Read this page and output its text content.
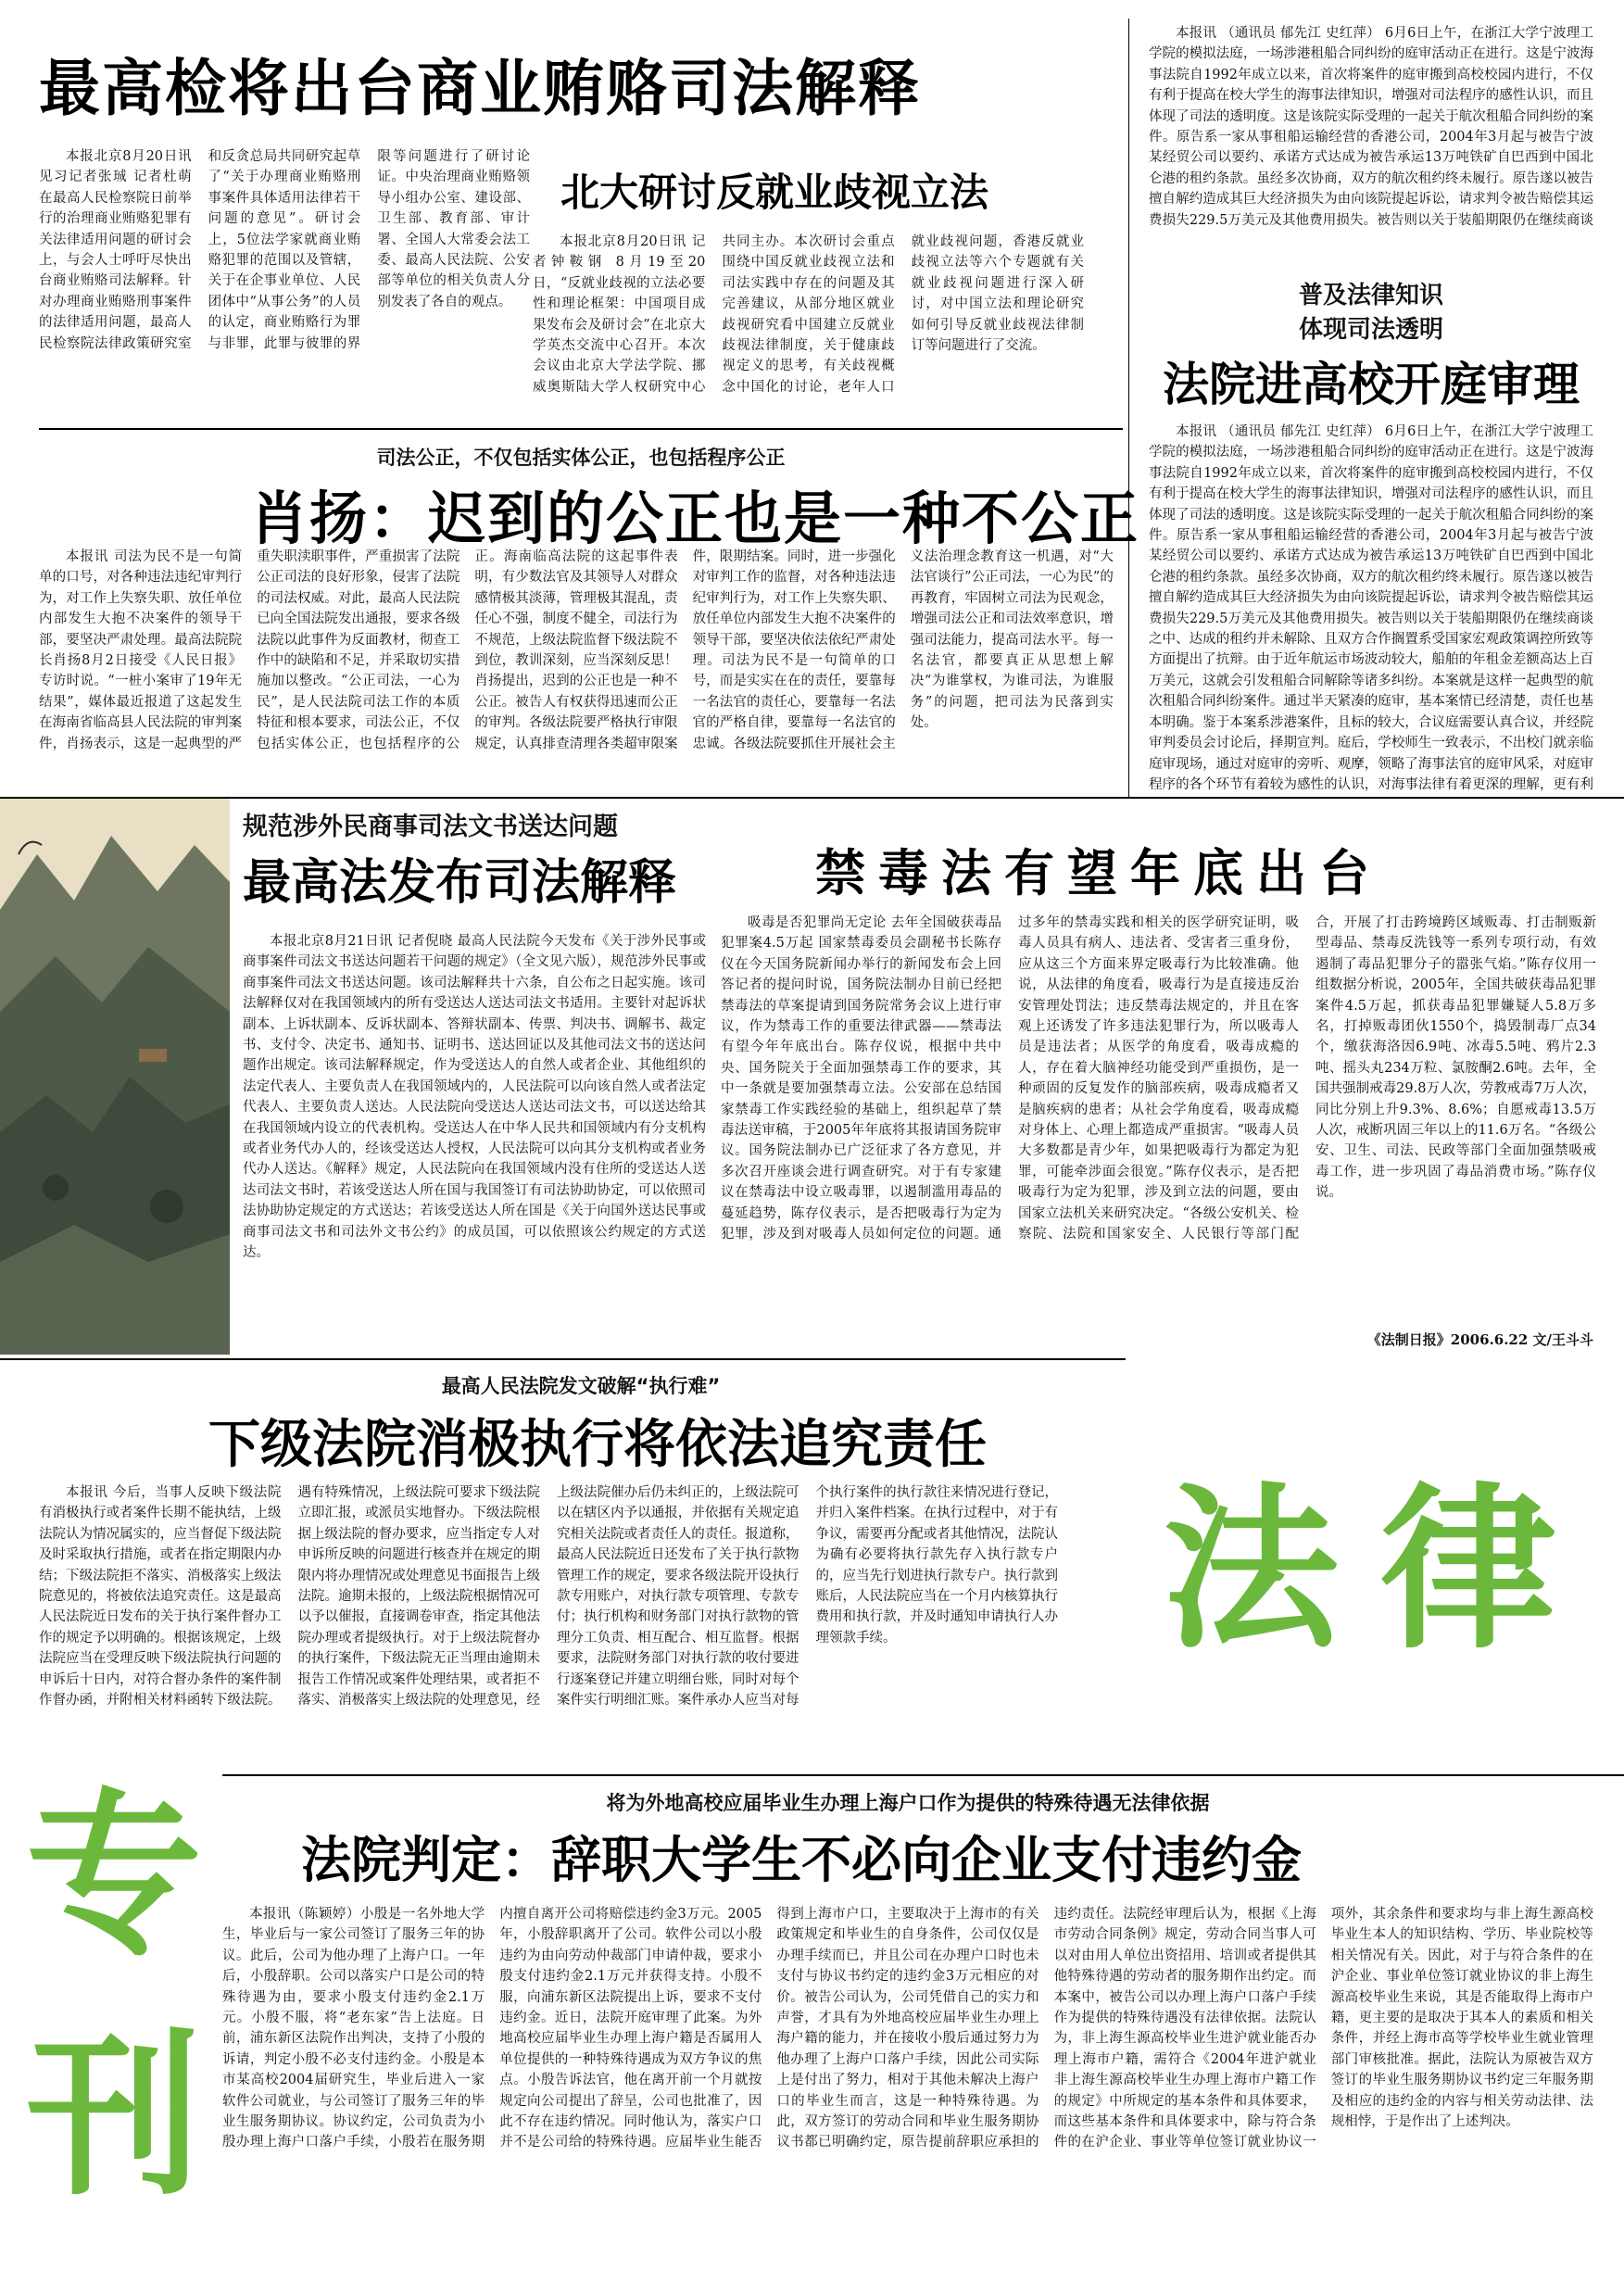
最高检将出台商业贿赂司法解释
本报北京8月20日讯 见习记者张珹 记者杜萌 在最高人民检察院日前举行的治理商业贿赂犯罪有关法律适用问题的研讨会上，与会人士呼吁尽快出台商业贿赂司法解释。针对办理商业贿赂刑事案件的法律适用问题，最高人民检察院法律政策研究室和反贪总局共同研究起草了“关于办理商业贿赂刑事案件具体适用法律若干问题的意见”。研讨会上，5位法学家就商业贿赂犯罪的范围以及管辖，关于在企事业单位、人民团体中“从事公务”的人员的认定，商业贿赂行为罪与非罪，此罪与彼罪的界限等问题进行了研讨论证。中央治理商业贿赂领导小组办公室、建设部、卫生部、教育部、审计署、全国人大常委会法工委、最高人民法院、公安部等单位的相关负责人分别发表了各自的观点。
北大研讨反就业歧视立法
本报北京8月20日讯 记者钟鞍钢 8月19至20日，“反就业歧视的立法必要性和理论框架：中国项目成果发布会及研讨会”在北京大学英杰交流中心召开。本次会议由北京大学法学院、挪威奥斯陆大学人权研究中心共同主办。本次研讨会重点围绕中国反就业歧视立法和司法实践中存在的问题及其完善建议，从部分地区就业歧视研究看中国建立反就业歧视法律制度，关于健康歧视定义的思考，有关歧视概念中国化的讨论，老年人口就业歧视问题，香港反就业歧视立法等六个专题就有关就业歧视问题进行深入研讨，对中国立法和理论研究如何引导反就业歧视法律制订等问题进行了交流。
普及法律知识
体现司法透明
法院进高校开庭审理
本报讯 （通讯员 郁先江 史红萍） 6月6日上午，在浙江大学宁波理工学院的模拟法庭，一场涉港租船合同纠纷的庭审活动正在进行。这是宁波海事法院自1992年成立以来，首次将案件的庭审搬到高校校园内进行，不仅有利于提高在校大学生的海事法律知识，增强对司法程序的感性认识，而且体现了司法的透明度。这是该院实际受理的一起关于航次租船合同纠纷的案件。原告系一家从事租船运输经营的香港公司，2004年3月起与被告宁波某经贸公司以要约、承诺方式达成为被告承运13万吨铁矿自巴西到中国北仑港的租约条款。虽经多次协商，双方的航次租约终未履行。原告遂以被告擅自解约造成其巨大经济损失为由向该院提起诉讼，请求判令被告赔偿其运费损失229.5万美元及其他费用损失。被告则以关于装船期限仍在继续商谈
本报讯 （通讯员 郁先江 史红萍） 6月6日上午，在浙江大学宁波理工学院的模拟法庭，一场涉港租船合同纠纷的庭审活动正在进行。这是宁波海事法院自1992年成立以来，首次将案件的庭审搬到高校校园内进行，不仅有利于提高在校大学生的海事法律知识，增强对司法程序的感性认识，而且体现了司法的透明度。这是该院实际受理的一起关于航次租船合同纠纷的案件。原告系一家从事租船运输经营的香港公司，2004年3月起与被告宁波某经贸公司以要约、承诺方式达成为被告承运13万吨铁矿自巴西到中国北仑港的租约条款。虽经多次协商，双方的航次租约终未履行。原告遂以被告擅自解约造成其巨大经济损失为由向该院提起诉讼，请求判令被告赔偿其运费损失229.5万美元及其他费用损失。被告则以关于装船期限仍在继续商谈之中、达成的租约并未解除、且双方合作搁置系受国家宏观政策调控所致等方面提出了抗辩。由于近年航运市场波动较大，船舶的年租金差额高达上百万美元，这就会引发租船合同解除等诸多纠纷。本案就是这样一起典型的航次租船合同纠纷案件。通过半天紧凑的庭审，基本案情已经清楚，责任也基本明确。鉴于本案系涉港案件，且标的较大，合议庭需要认真合议，并经院审判委员会讨论后，择期宣判。庭后，学校师生一致表示，不出校门就亲临庭审现场，通过对庭审的旁听、观摩，领略了海事法官的庭审风采，对庭审程序的各个环节有着较为感性的认识，对海事法律有着更深的理解，更有利
司法公正，不仅包括实体公正，也包括程序公正
肖扬：迟到的公正也是一种不公正
本报讯 司法为民不是一句简单的口号，对各种违法违纪审判行为，对工作上失察失职、放任单位内部发生大抱不决案件的领导干部，要坚决严肃处理。最高法院院长肖扬8月2日接受《人民日报》专访时说。“一桩小案审了19年无结果”，媒体最近报道了这起发生在海南省临高县人民法院的审判案件，肖扬表示，这是一起典型的严重失职渎职事件，严重损害了法院公正司法的良好形象，侵害了法院的司法权威。对此，最高人民法院已向全国法院发出通报，要求各级法院以此事件为反面教材，彻查工作中的缺陷和不足，并采取切实措施加以整改。“公正司法，一心为民”，是人民法院司法工作的本质特征和根本要求，司法公正，不仅包括实体公正，也包括程序的公正。海南临高法院的这起事件表明，有少数法官及其领导人对群众感情极其淡薄，管理极其混乱，责任心不强，制度不健全，司法行为不规范，上级法院监督下级法院不到位，教训深刻，应当深刻反思！肖扬提出，迟到的公正也是一种不公正。被告人有权获得迅速而公正的审判。各级法院要严格执行审限规定，认真排查清理各类超审限案件，限期结案。同时，进一步强化对审判工作的监督，对各种违法违纪审判行为，对工作上失察失职、放任单位内部发生大抱不决案件的领导干部，要坚决依法依纪严肃处理。司法为民不是一句简单的口号，而是实实在在的责任，要靠每一名法官的责任心，要靠每一名法官的严格自律，要靠每一名法官的忠诚。各级法院要抓住开展社会主义法治理念教育这一机遇，对“大法官谈行”公正司法，一心为民”的再教育，牢固树立司法为民观念，增强司法公正和司法效率意识，增强司法能力，提高司法水平。每一名法官，都要真正从思想上解决“为谁掌权，为谁司法，为谁服务”的问题，把司法为民落到实处。
规范涉外民商事司法文书送达问题
最高法发布司法解释
本报北京8月21日讯 记者倪晓 最高人民法院今天发布《关于涉外民事或商事案件司法文书送达问题若干问题的规定》（全文见六版），规范涉外民事或商事案件司法文书送达问题。该司法解释共十六条，自公布之日起实施。该司法解释仅对在我国领域内的所有受送达人送达司法文书适用。主要针对起诉状副本、上诉状副本、反诉状副本、答辩状副本、传票、判决书、调解书、裁定书、支付令、决定书、通知书、证明书、送达回证以及其他司法文书的送达问题作出规定。该司法解释规定，作为受送达人的自然人或者企业、其他组织的法定代表人、主要负责人在我国领域内的，人民法院可以向该自然人或者法定代表人、主要负责人送达。人民法院向受送达人送达司法文书，可以送达给其在我国领域内设立的代表机构。受送达人在中华人民共和国领域内有分支机构或者业务代办人的，经该受送达人授权，人民法院可以向其分支机构或者业务代办人送达。《解释》规定，人民法院向在我国领域内没有住所的受送达人送达司法文书时，若该受送达人所在国与我国签订有司法协助协定，可以依照司法协助协定规定的方式送达；若该受送达人所在国是《关于向国外送达民事或商事司法文书和司法外文书公约》的成员国，可以依照该公约规定的方式送达。
禁毒法有望年底出台
吸毒是否犯罪尚无定论 去年全国破获毒品犯罪案4.5万起 国家禁毒委员会副秘书长陈存仪在今天国务院新闻办举行的新闻发布会上回答记者的提问时说，国务院法制办目前已经把禁毒法的草案提请到国务院常务会议上进行审议，作为禁毒工作的重要法律武器——禁毒法有望今年年底出台。陈存仪说，根据中共中央、国务院关于全面加强禁毒工作的要求，其中一条就是要加强禁毒立法。公安部在总结国家禁毒工作实践经验的基础上，组织起草了禁毒法送审稿，于2005年年底将其报请国务院审议。国务院法制办已广泛征求了各方意见，并多次召开座谈会进行调查研究。对于有专家建议在禁毒法中设立吸毒罪，以遏制滥用毒品的蔓延趋势，陈存仪表示，是否把吸毒行为定为犯罪，涉及到对吸毒人员如何定位的问题。通过多年的禁毒实践和相关的医学研究证明，吸毒人员具有病人、违法者、受害者三重身份，应从这三个方面来界定吸毒行为比较准确。他说，从法律的角度看，吸毒行为是直接违反治安管理处罚法；违反禁毒法规定的，并且在客观上还诱发了许多违法犯罪行为，所以吸毒人员是违法者；从医学的角度看，吸毒成瘾的人，存在着大脑神经功能受到严重损伤，是一种顽固的反复发作的脑部疾病，吸毒成瘾者又是脑疾病的患者；从社会学角度看，吸毒成瘾对身体上、心理上都造成严重损害。“吸毒人员大多数都是青少年，如果把吸毒行为都定为犯罪，可能牵涉面会很宽。”陈存仪表示，是否把吸毒行为定为犯罪，涉及到立法的问题，要由国家立法机关来研究决定。“各级公安机关、检察院、法院和国家安全、人民银行等部门配合，开展了打击跨境跨区域贩毒、打击制贩新型毒品、禁毒反洗钱等一系列专项行动，有效遏制了毒品犯罪分子的嚣张气焰。”陈存仪用一组数据分析说，2005年，全国共破获毒品犯罪案件4.5万起，抓获毒品犯罪嫌疑人5.8万多名，打掉贩毒团伙1550个，捣毁制毒厂点34个，缴获海洛因6.9吨、冰毒5.5吨、鸦片2.3吨、摇头丸234万粒、氯胺酮2.6吨。去年，全国共强制戒毒29.8万人次，劳教戒毒7万人次，同比分别上升9.3%、8.6%；自愿戒毒13.5万人次，戒断巩固三年以上的11.6万名。“各级公安、卫生、司法、民政等部门全面加强禁吸戒毒工作，进一步巩固了毒品消费市场。”陈存仪说。
《法制日报》2006.6.22 文/王斗斗
最高人民法院发文破解“执行难”
下级法院消极执行将依法追究责任
本报讯 今后，当事人反映下级法院有消极执行或者案件长期不能执结，上级法院认为情况属实的，应当督促下级法院及时采取执行措施，或者在指定期限内办结；下级法院拒不落实、消极落实上级法院意见的，将被依法追究责任。这是最高人民法院近日发布的关于执行案件督办工作的规定予以明确的。根据该规定，上级法院应当在受理反映下级法院执行问题的申诉后十日内，对符合督办条件的案件制作督办函，并附相关材料函转下级法院。遇有特殊情况，上级法院可要求下级法院立即汇报，或派员实地督办。下级法院根据上级法院的督办要求，应当指定专人对申诉所反映的问题进行核查并在规定的期限内将办理情况或处理意见书面报告上级法院。逾期未报的，上级法院根据情况可以予以催报，直接调卷审查，指定其他法院办理或者提级执行。对于上级法院督办的执行案件，下级法院无正当理由逾期未报告工作情况或案件处理结果，或者拒不落实、消极落实上级法院的处理意见，经上级法院催办后仍未纠正的，上级法院可以在辖区内予以通报，并依据有关规定追究相关法院或者责任人的责任。报道称，最高人民法院近日还发布了关于执行款物管理工作的规定，要求各级法院开设执行款专用账户，对执行款专项管理、专款专付；执行机构和财务部门对执行款物的管理分工负责、相互配合、相互监督。根据要求，法院财务部门对执行款的收付要进行逐案登记并建立明细台账，同时对每个案件实行明细汇账。案件承办人应当对每个执行案件的执行款往来情况进行登记，并归入案件档案。在执行过程中，对于有争议，需要再分配或者其他情况，法院认为确有必要将执行款先存入执行款专户的，应当先行划进执行款专户。执行款到账后，人民法院应当在一个月内核算执行费用和执行款，并及时通知申请执行人办理领款手续。
将为外地高校应届毕业生办理上海户口作为提供的特殊待遇无法律依据
法院判定：辞职大学生不必向企业支付违约金
本报讯（陈颖婷）小殷是一名外地大学生，毕业后与一家公司签订了服务三年的协议。此后，公司为他办理了上海户口。一年后，小殷辞职。公司以落实户口是公司的特殊待遇为由，要求小殷支付违约金2.1万元。小殷不服，将“老东家”告上法庭。日前，浦东新区法院作出判决，支持了小殷的诉请，判定小殷不必支付违约金。小殷是本市某高校2004届研究生，毕业后进入一家软件公司就业，与公司签订了服务三年的毕业生服务期协议。协议约定，公司负责为小殷办理上海户口落户手续，小殷若在服务期内擅自离开公司将赔偿违约金3万元。2005年，小殷辞职离开了公司。软件公司以小殷违约为由向劳动仲裁部门申请仲裁，要求小殷支付违约金2.1万元并获得支持。小殷不服，向浦东新区法院提出上诉，要求不支付违约金。近日，法院开庭审理了此案。为外地高校应届毕业生办理上海户籍是否属用人单位提供的一种特殊待遇成为双方争议的焦点。小殷告诉法官，他在离开前一个月就按规定向公司提出了辞呈，公司也批准了，因此不存在违约情况。同时他认为，落实户口并不是公司给的特殊待遇。应届毕业生能否得到上海市户口，主要取决于上海市的有关政策规定和毕业生的自身条件，公司仅仅是办理手续而已，并且公司在办理户口时也未支付与协议书约定的违约金3万元相应的对价。被告公司认为，公司凭借自己的实力和声誉，才具有为外地高校应届毕业生办理上海户籍的能力，并在接收小殷后通过努力为他办理了上海户口落户手续，因此公司实际上是付出了努力，相对于其他未解决上海户口的毕业生而言，这是一种特殊待遇。为此，双方签订的劳动合同和毕业生服务期协议书都已明确约定，原告提前辞职应承担的违约责任。法院经审理后认为，根据《上海市劳动合同条例》规定，劳动合同当事人可以对由用人单位出资招用、培训或者提供其他特殊待遇的劳动者的服务期作出约定。而本案中，被告公司以办理上海户口落户手续作为提供的特殊待遇没有法律依据。法院认为，非上海生源高校毕业生进沪就业能否办理上海市户籍，需符合《2004年进沪就业非上海生源高校毕业生办理上海市户籍工作的规定》中所规定的基本条件和具体要求，而这些基本条件和具体要求中，除与符合条件的在沪企业、事业等单位签订就业协议一项外，其余条件和要求均与非上海生源高校毕业生本人的知识结构、学历、毕业院校等相关情况有关。因此，对于与符合条件的在沪企业、事业单位签订就业协议的非上海生源高校毕业生来说，其是否能取得上海市户籍，更主要的是取决于其本人的素质和相关条件，并经上海市高等学校毕业生就业管理部门审核批准。据此，法院认为原被告双方签订的毕业生服务期协议书约定三年服务期及相应的违约金的内容与相关劳动法律、法规相悖，于是作出了上述判决。
法 律
专
刊
